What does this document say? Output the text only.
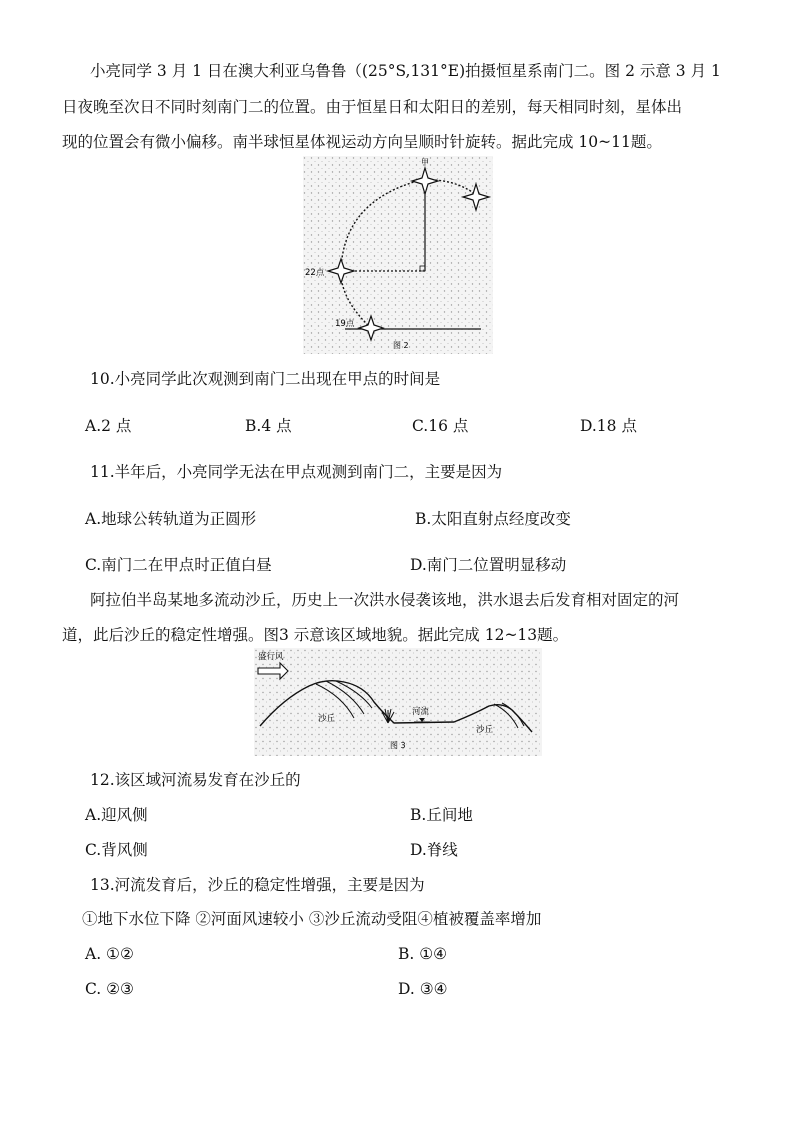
小亮同学 3 月 1 日在澳大利亚乌鲁鲁（(25°S,131°E)拍摄恒星系南门二。图 2 示意 3 月 1
日夜晚至次日不同时刻南门二的位置。由于恒星日和太阳日的差别，每天相同时刻，星体出
现的位置会有微小偏移。南半球恒星体视运动方向呈顺时针旋转。据此完成 10~11题。
甲
22点
19点
图 2
10.小亮同学此次观测到南门二出现在甲点的时间是
A.2 点	B.4 点	C.16 点	D.18 点
11.半年后，小亮同学无法在甲点观测到南门二，主要是因为
A.地球公转轨道为正圆形	B.太阳直射点经度改变
C.南门二在甲点时正值白昼	D.南门二位置明显移动
阿拉伯半岛某地多流动沙丘，历史上一次洪水侵袭该地，洪水退去后发育相对固定的河
道，此后沙丘的稳定性增强。图3 示意该区域地貌。据此完成 12~13题。
盛行风
沙丘
河流
沙丘
图 3
12.该区域河流易发育在沙丘的
A.迎风侧	B.丘间地
C.背风侧	D.脊线
13.河流发育后，沙丘的稳定性增强，主要是因为
①地下水位下降 ②河面风速较小 ③沙丘流动受阻④植被覆盖率增加
A. ①②	B. ①④
C. ②③	D. ③④
